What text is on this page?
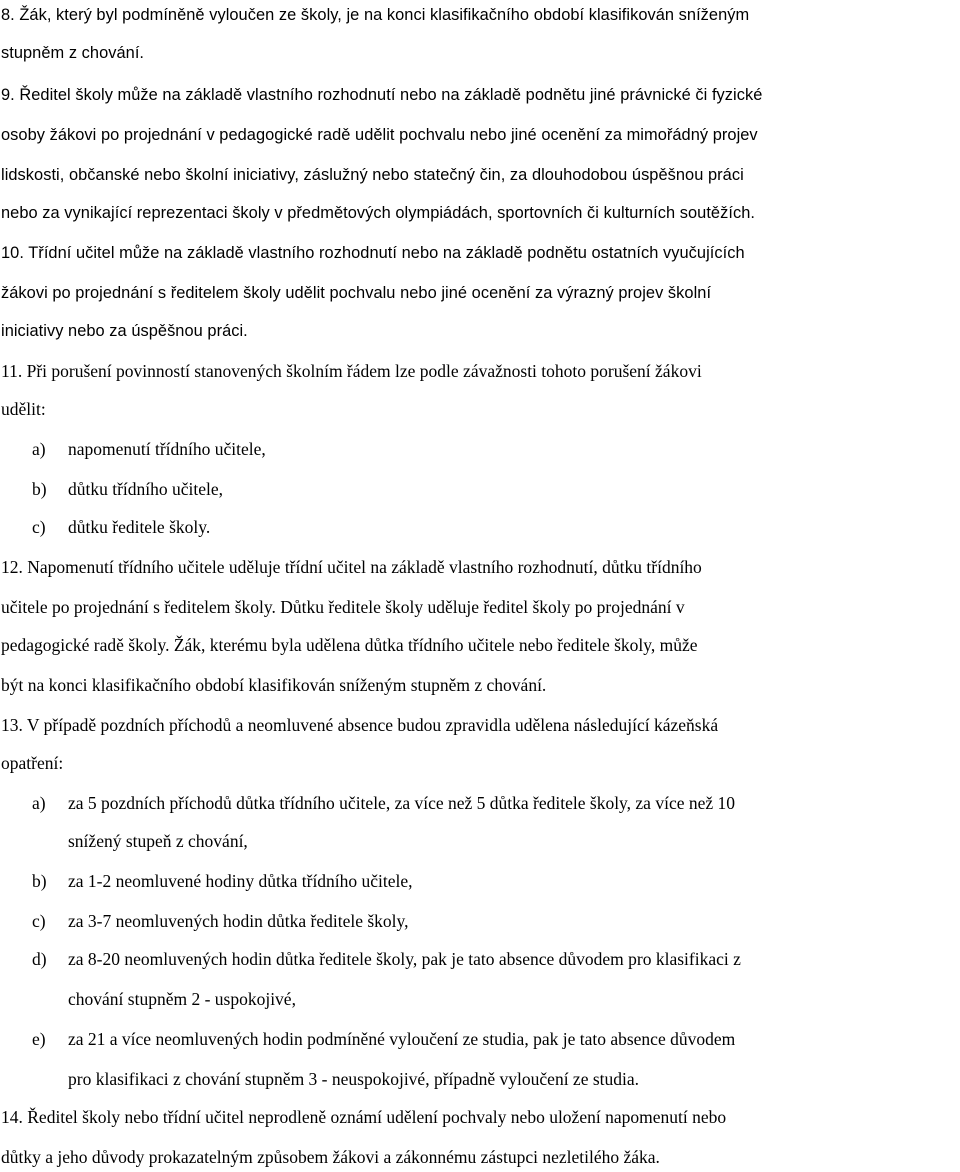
8. Žák, který byl podmíněně vyloučen ze školy, je na konci klasifikačního období klasifikován sníženým

stupněm z chování.

9. Ředitel školy může na základě vlastního rozhodnutí nebo na základě podnětu jiné právnické či fyzické

osoby žákovi po projednání v pedagogické radě udělit pochvalu nebo jiné ocenění za mimořádný projev

lidskosti, občanské nebo školní iniciativy, záslužný nebo statečný čin, za dlouhodobou úspěšnou práci

nebo za vynikající reprezentaci školy v předmětových olympiádách, sportovních či kulturních soutěžích.

10. Třídní učitel může na základě vlastního rozhodnutí nebo na základě podnětu ostatních vyučujících

žákovi po projednání s ředitelem školy udělit pochvalu nebo jiné ocenění za výrazný projev školní

iniciativy nebo za úspěšnou práci.

11. Při porušení povinností stanovených školním řádem lze podle závažnosti tohoto porušení žákovi

udělit:

a) napomenutí třídního učitele,
b) důtku třídního učitele,
c) důtku ředitele školy.

12. Napomenutí třídního učitele uděluje třídní učitel na základě vlastního rozhodnutí, důtku třídního

učitele po projednání s ředitelem školy. Důtku ředitele školy uděluje ředitel školy po projednání v

pedagogické radě školy. Žák, kterému byla udělena důtka třídního učitele nebo ředitele školy, může

být na konci klasifikačního období klasifikován sníženým stupněm z chování.

13. V případě pozdních příchodů a neomluvené absence budou zpravidla udělena následující kázeňská

opatření:

a) za 5 pozdních příchodů důtka třídního učitele, za více než 5 důtka ředitele školy, za více než 10

snížený stupeň z chování,

b) za 1-2 neomluvené hodiny důtka třídního učitele,
c) za 3-7 neomluvených hodin důtka ředitele školy,
d) za 8-20 neomluvených hodin důtka ředitele školy, pak je tato absence důvodem pro klasifikaci z

chování stupněm 2 - uspokojivé,

e) za 21 a více neomluvených hodin podmíněné vyloučení ze studia, pak je tato absence důvodem

pro klasifikaci z chování stupněm 3 - neuspokojivé, případně vyloučení ze studia.

14. Ředitel školy nebo třídní učitel neprodleně oznámí udělení pochvaly nebo uložení napomenutí nebo

důtky a jeho důvody prokazatelným způsobem žákovi a zákonnému zástupci nezletilého žáka.
